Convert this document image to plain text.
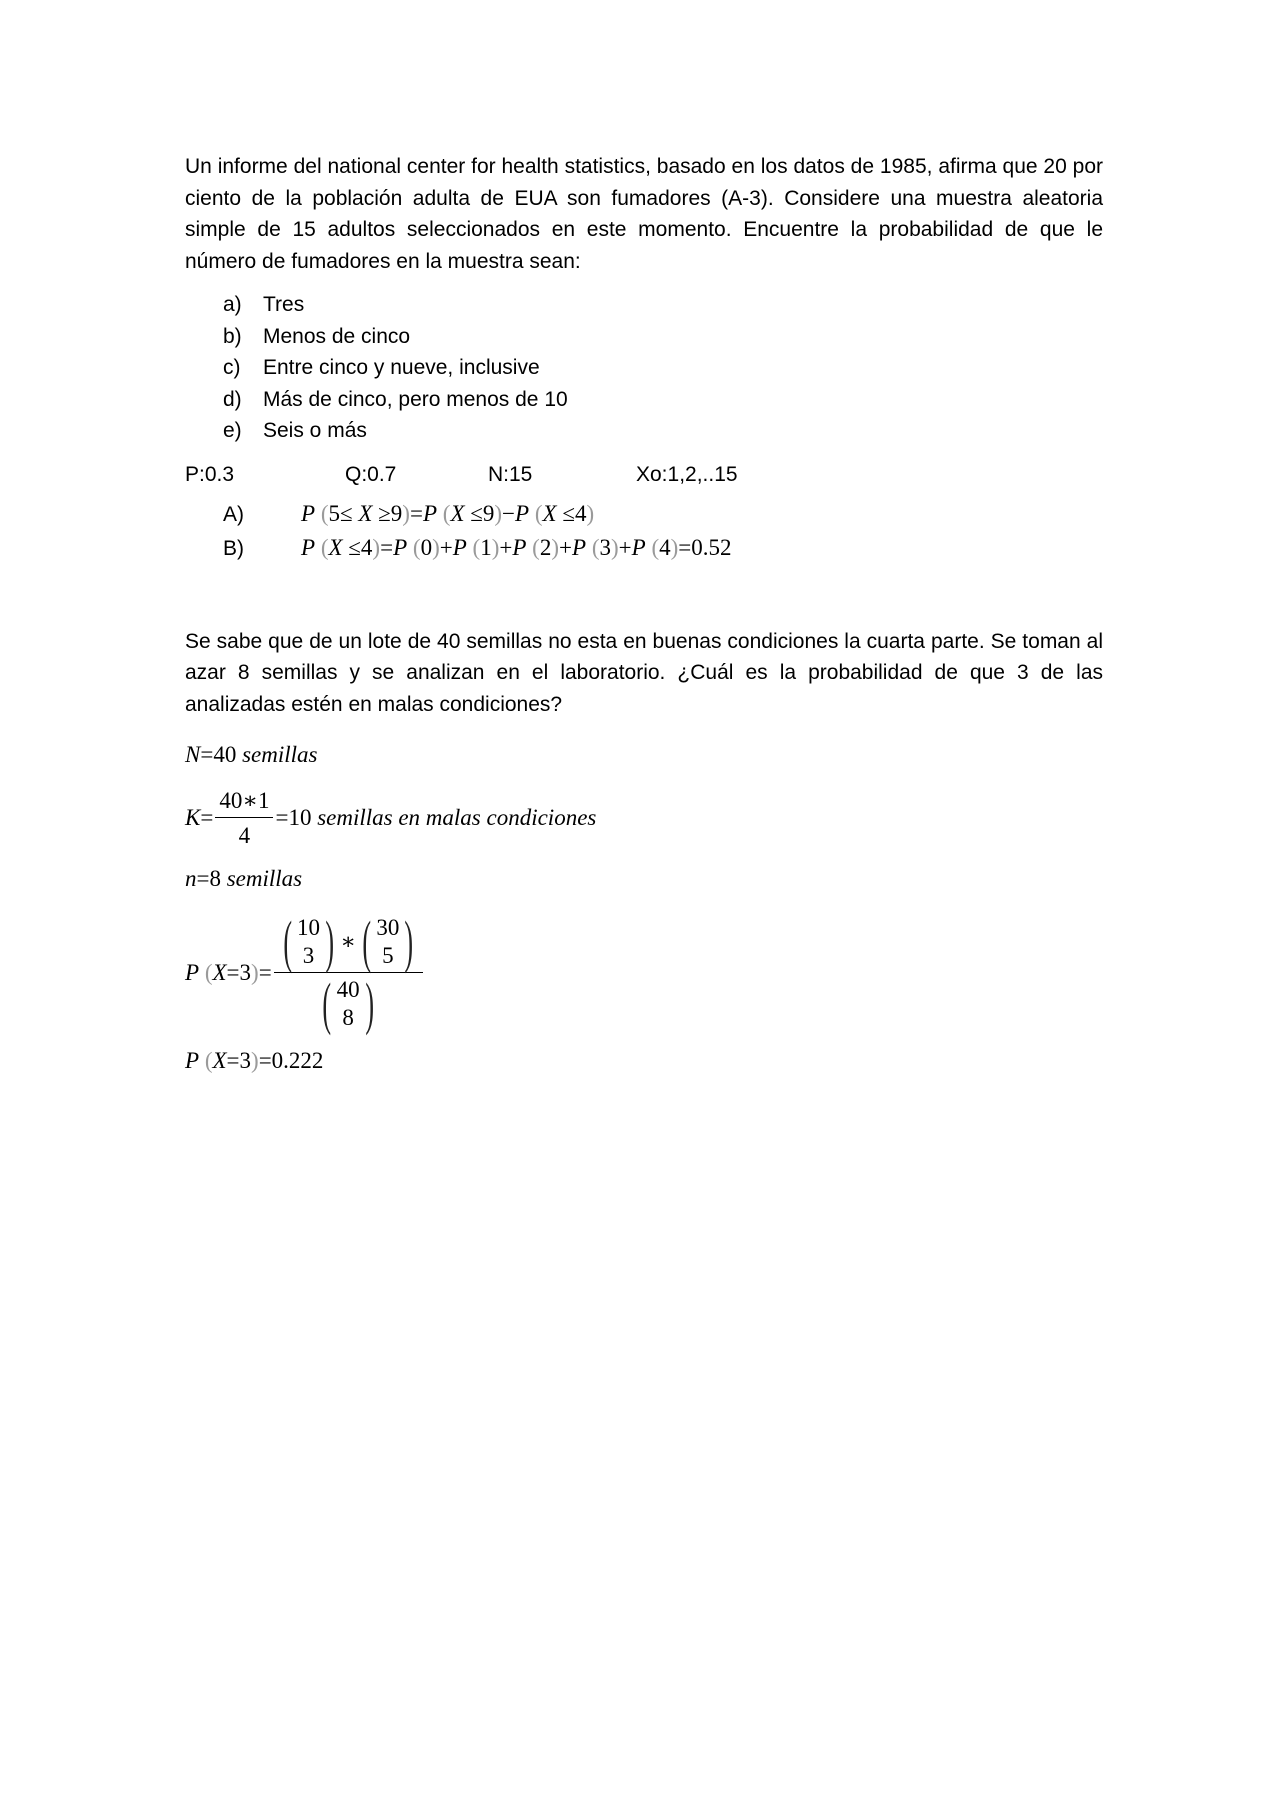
Un informe del national center for health statistics, basado en los datos de 1985, afirma que 20 por ciento de la población adulta de EUA son fumadores (A-3). Considere una muestra aleatoria simple de 15 adultos seleccionados en este momento. Encuentre la probabilidad de que le número de fumadores en la muestra sean:

a)	Tres
b)	Menos de cinco
c)	Entre cinco y nueve, inclusive
d)	Más de cinco, pero menos de 10
e)	Seis o más
P:0.3	Q:0.7	N:15	Xo:1,2,..15
A)	P (5≤ X ≥9)=P (X ≤9)−P (X ≤4)
B)	P (X ≤4)=P (0)+P (1)+P (2)+P (3)+P (4)=0.52

Se sabe que de un lote de 40 semillas no esta en buenas condiciones la cuarta parte. Se toman al azar 8 semillas y se analizan en el laboratorio. ¿Cuál es la probabilidad de que 3 de las analizadas estén en malas condiciones?

N =40
semillas
$K = \frac{40∗1}{4} =10$
semillas en malas condiciones
n =8
semillas
P
( X =3 ) = ( 10
3 ) ∗ ( 30
5 )
( 40
8 )
P
( X =3 ) =0.222
